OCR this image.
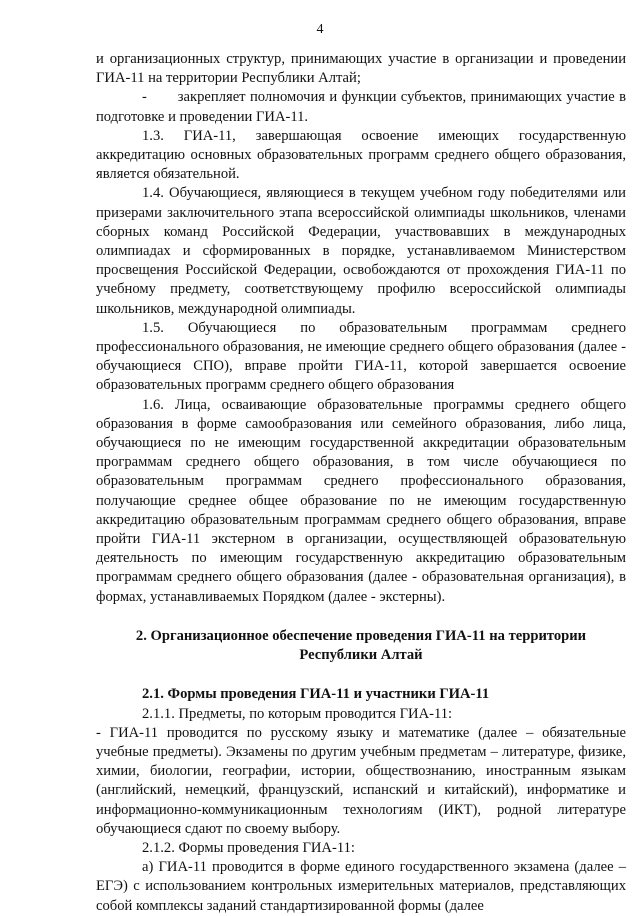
4

и организационных структур, принимающих участие в организации и проведении ГИА-11 на территории Республики Алтай;

-       закрепляет полномочия и функции субъектов, принимающих участие в подготовке и проведении ГИА-11.

1.3. ГИА-11, завершающая освоение имеющих государственную аккредитацию основных образовательных программ среднего общего образования, является обязательной.

1.4. Обучающиеся, являющиеся в текущем учебном году победителями или призерами заключительного этапа всероссийской олимпиады школьников, членами сборных команд Российской Федерации, участвовавших в международных олимпиадах и сформированных в порядке, устанавливаемом Министерством просвещения Российской Федерации, освобождаются от прохождения ГИА-11 по учебному предмету, соответствующему профилю всероссийской олимпиады школьников, международной олимпиады.

1.5. Обучающиеся по образовательным программам среднего профессионального образования, не имеющие среднего общего образования (далее - обучающиеся СПО), вправе пройти ГИА-11, которой завершается освоение образовательных программ среднего общего образования

1.6. Лица, осваивающие образовательные программы среднего общего образования в форме самообразования или семейного образования, либо лица, обучающиеся по не имеющим государственной аккредитации образовательным программам среднего общего образования, в том числе обучающиеся по образовательным программам среднего профессионального образования, получающие среднее общее образование по не имеющим государственную аккредитацию образовательным программам среднего общего образования, вправе пройти ГИА-11 экстерном в организации, осуществляющей образовательную деятельность по имеющим государственную аккредитацию образовательным программам среднего общего образования (далее - образовательная организация), в формах, устанавливаемых Порядком (далее - экстерны).

2. Организационное обеспечение проведения ГИА-11 на территории Республики Алтай

2.1. Формы проведения ГИА-11 и участники ГИА-11

2.1.1. Предметы, по которым проводится ГИА-11:

- ГИА-11 проводится по русскому языку и математике (далее – обязательные учебные предметы). Экзамены по другим учебным предметам – литературе, физике, химии, биологии, географии, истории, обществознанию, иностранным языкам (английский, немецкий, французский, испанский и китайский), информатике и информационно-коммуникационным технологиям (ИКТ), родной литературе обучающиеся сдают по своему выбору.

2.1.2. Формы проведения ГИА-11:

а) ГИА-11 проводится в форме единого государственного экзамена (далее – ЕГЭ) с использованием контрольных измерительных материалов, представляющих собой комплексы заданий стандартизированной формы (далее
